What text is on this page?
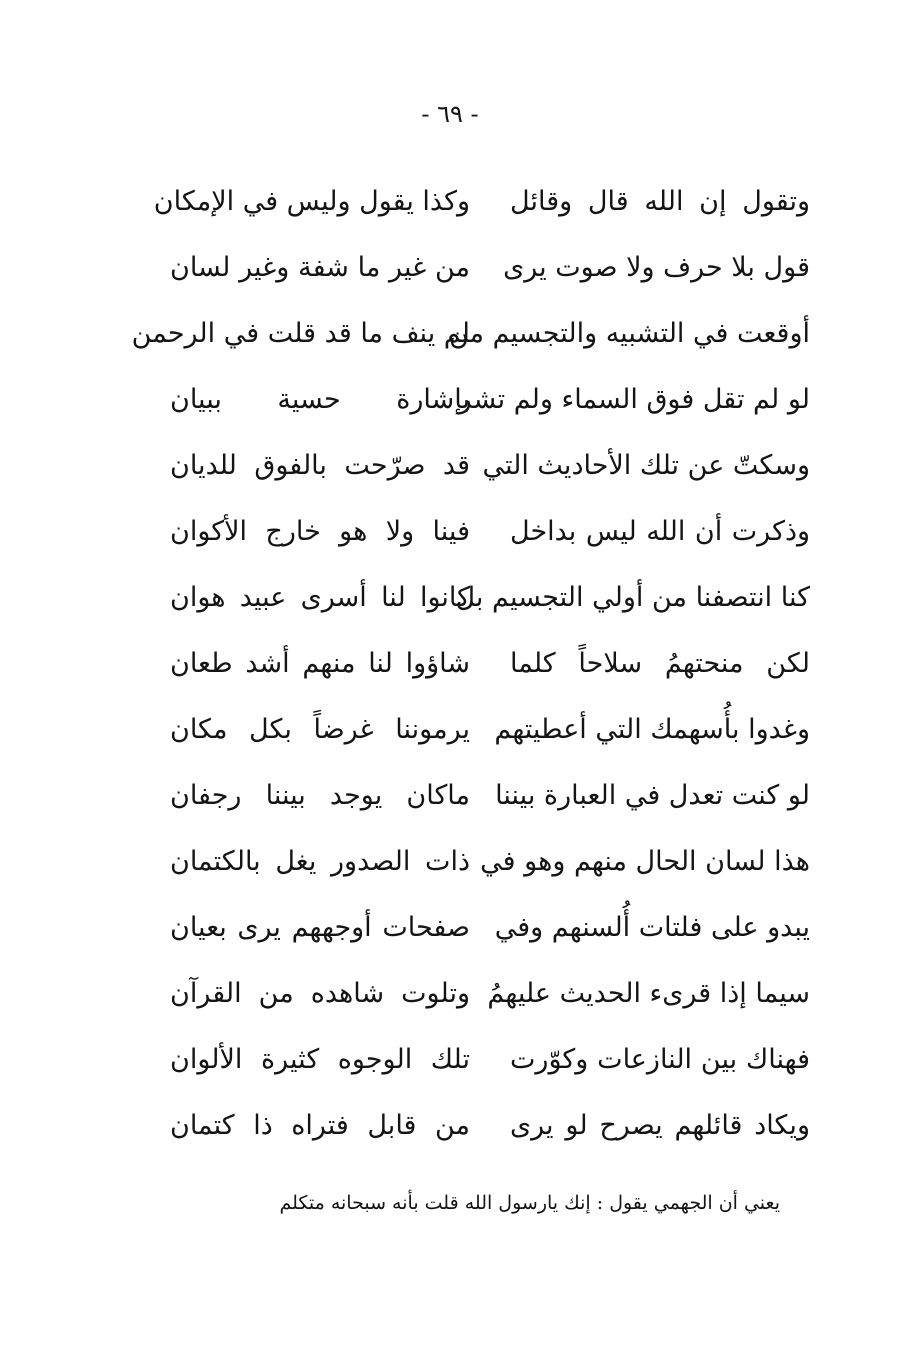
- ٦٩ -
وتقول إن الله قال وقائل
وكذا يقول وليس في الإمكان
قول بلا حرف ولا صوت يرى
من غير ما شفة وغير لسان
أوقعت في التشبيه والتجسيم من
لم ينف ما قد قلت في الرحمن
لو لم تقل فوق السماء ولم تشر
بإشارة حسية ببيان
وسكتّ عن تلك الأحاديث التي
قد صرّحت بالفوق للديان
وذكرت أن الله ليس بداخل
فينا ولا هو خارج الأكوان
كنا انتصفنا من أولي التجسيم بل
كانوا لنا أسرى عبيد هوان
لكن منحتهمُ سلاحاً كلما
شاؤوا لنا منهم أشد طعان
وغدوا بأُسهمك التي أعطيتهم
يرموننا غرضاً بكل مكان
لو كنت تعدل في العبارة بيننا
ماكان يوجد بيننا رجفان
هذا لسان الحال منهم وهو في
ذات الصدور يغل بالكتمان
يبدو على فلتات أُلسنهم وفي
صفحات أوجههم يرى بعيان
سيما إذا قرىء الحديث عليهمُ
وتلوت شاهده من القرآن
فهناك بين النازعات وكوّرت
تلك الوجوه كثيرة الألوان
ويكاد قائلهم يصرح لو يرى
من قابل فتراه ذا كتمان
يعني أن الجهمي يقول : إنك يارسول الله قلت بأنه سبحانه متكلم
